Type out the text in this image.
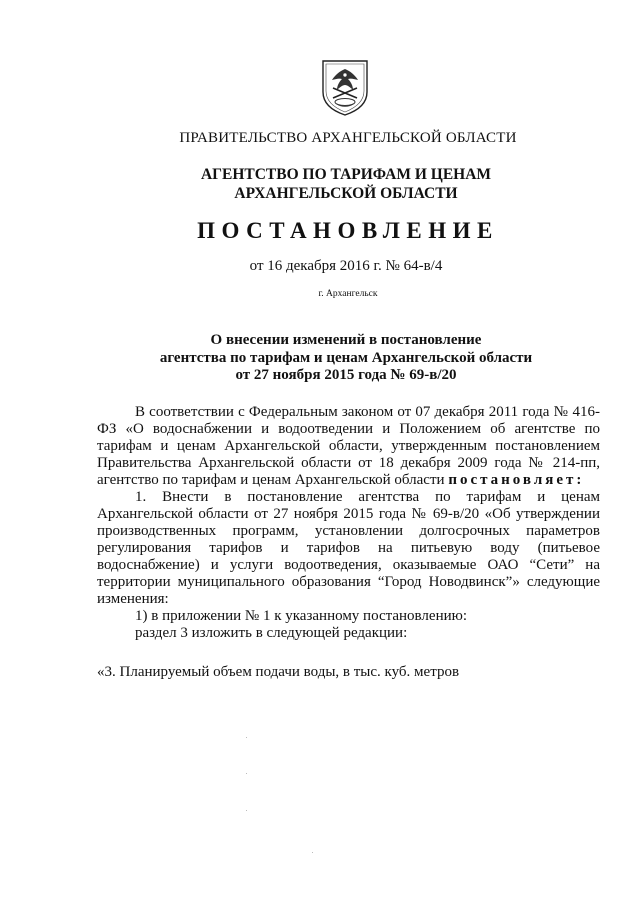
ПРАВИТЕЛЬСТВО АРХАНГЕЛЬСКОЙ ОБЛАСТИ
АГЕНТСТВО ПО ТАРИФАМ И ЦЕНАМ
АРХАНГЕЛЬСКОЙ ОБЛАСТИ
ПОСТАНОВЛЕНИЕ
от 16 декабря 2016 г. № 64-в/4
г. Архангельск
О внесении изменений в постановление
агентства по тарифам и ценам Архангельской области
от 27 ноября 2015 года № 69-в/20

В соответствии с Федеральным законом от 07 декабря 2011 года № 416-ФЗ «О водоснабжении и водоотведении и Положением об агентстве по тарифам и ценам Архангельской области, утвержденным постановлением Правительства Архангельской области от 18 декабря 2009 года № 214-пп, агентство по тарифам и ценам Архангельской области постановляет:

1. Внести в постановление агентства по тарифам и ценам Архангельской области от 27 ноября 2015 года № 69-в/20 «Об утверждении производственных программ, установлении долгосрочных параметров регулирования тарифов и тарифов на питьевую воду (питьевое водоснабжение) и услуги водоотведения, оказываемые ОАО “Сети” на территории муниципального образования “Город Новодвинск”» следующие изменения:

1) в приложении № 1 к указанному постановлению:

раздел 3 изложить в следующей редакции:

«3. Планируемый объем подачи воды, в тыс. куб. метров
